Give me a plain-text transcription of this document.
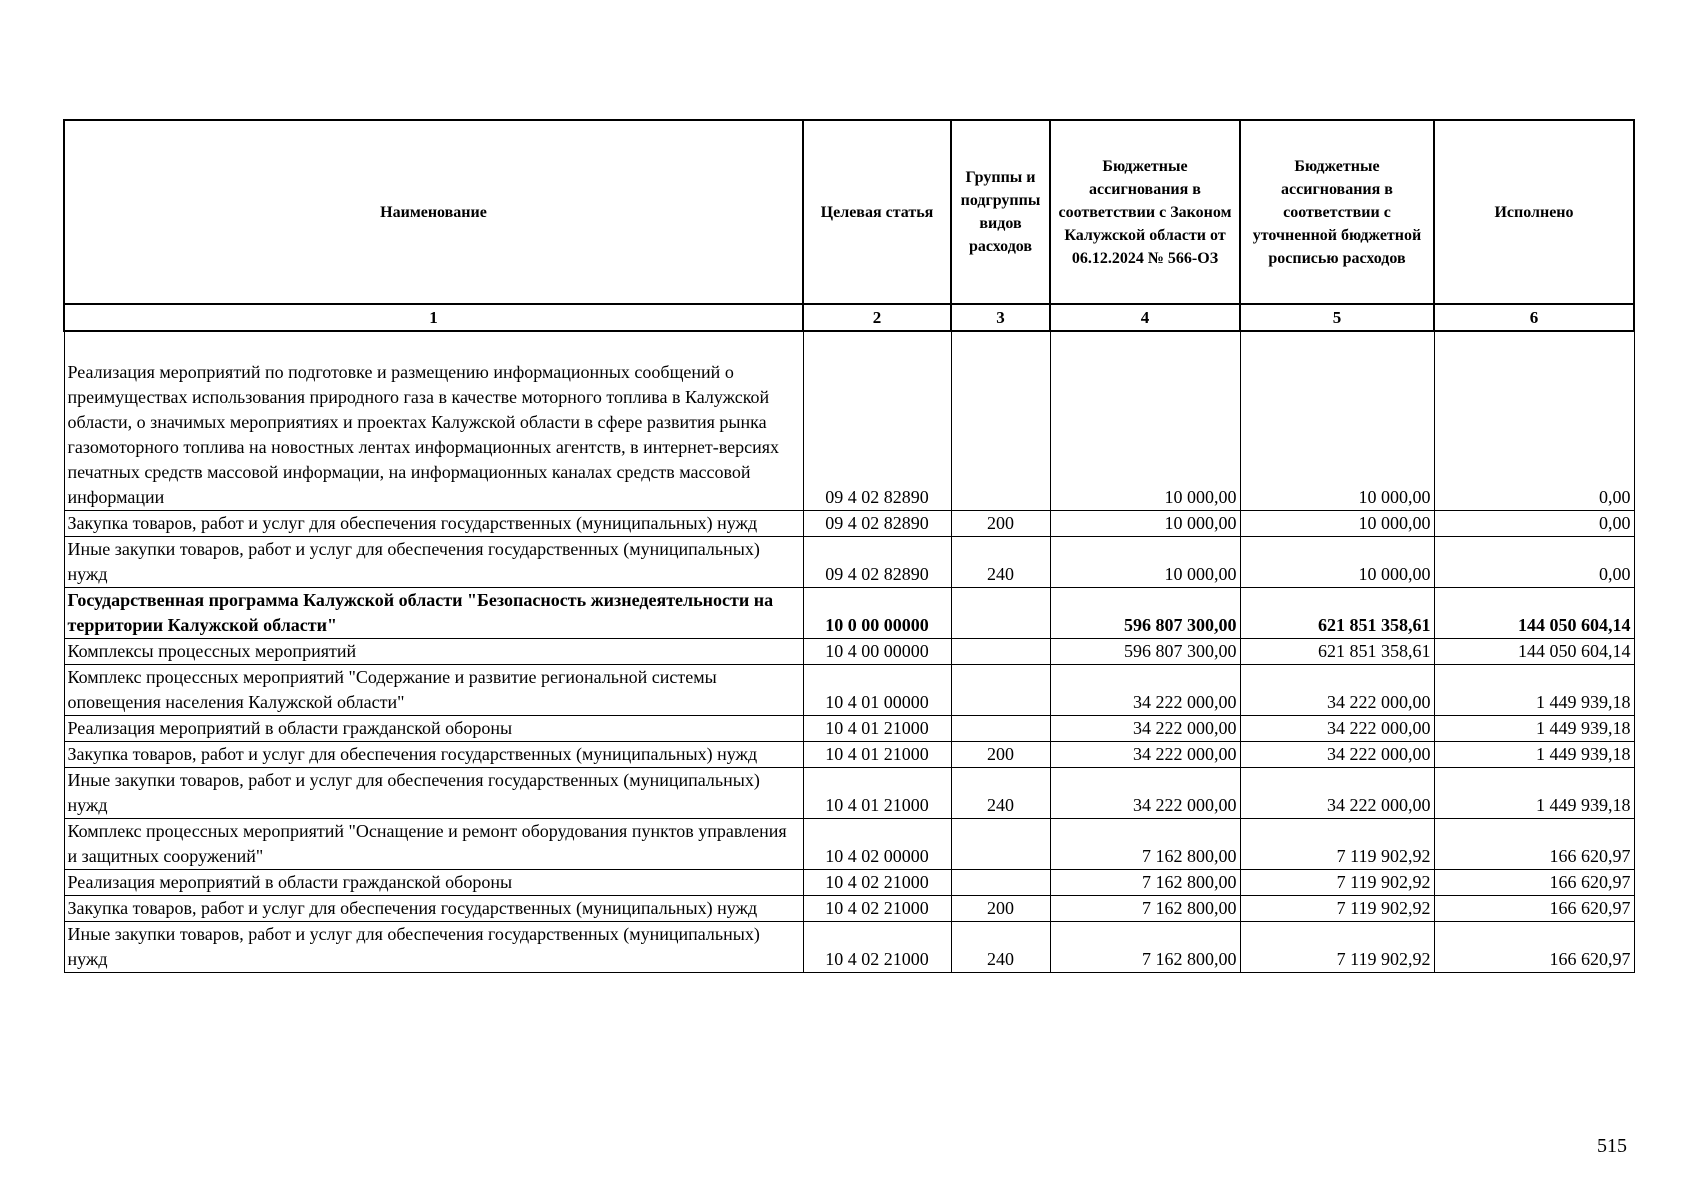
Наименование	Целевая статья	Группы и подгруппы видов расходов	Бюджетные ассигнования в соответствии с Законом Калужской области от 06.12.2024 № 566-ОЗ	Бюджетные ассигнования в соответствии с уточненной бюджетной росписью расходов	Исполнено
1	2	3	4	5	6
Реализация мероприятий по подготовке и размещению информационных сообщений о преимуществах использования природного газа в качестве моторного топлива в Калужской области, о значимых мероприятиях и проектах Калужской области в сфере развития рынка газомоторного топлива на новостных лентах информационных агентств, в интернет-версиях печатных средств массовой информации, на информационных каналах средств массовой информации	09 4 02 82890		10 000,00	10 000,00	0,00
Закупка товаров, работ и услуг для обеспечения государственных (муниципальных) нужд	09 4 02 82890	200	10 000,00	10 000,00	0,00
Иные закупки товаров, работ и услуг для обеспечения государственных (муниципальных) нужд	09 4 02 82890	240	10 000,00	10 000,00	0,00
Государственная программа Калужской области "Безопасность жизнедеятельности на территории Калужской области"	10 0 00 00000		596 807 300,00	621 851 358,61	144 050 604,14
Комплексы процессных мероприятий	10 4 00 00000		596 807 300,00	621 851 358,61	144 050 604,14
Комплекс процессных мероприятий "Содержание и развитие региональной системы оповещения населения Калужской области"	10 4 01 00000		34 222 000,00	34 222 000,00	1 449 939,18
Реализация мероприятий в области гражданской обороны	10 4 01 21000		34 222 000,00	34 222 000,00	1 449 939,18
Закупка товаров, работ и услуг для обеспечения государственных (муниципальных) нужд	10 4 01 21000	200	34 222 000,00	34 222 000,00	1 449 939,18
Иные закупки товаров, работ и услуг для обеспечения государственных (муниципальных) нужд	10 4 01 21000	240	34 222 000,00	34 222 000,00	1 449 939,18
Комплекс процессных мероприятий "Оснащение и ремонт оборудования пунктов управления и защитных сооружений"	10 4 02 00000		7 162 800,00	7 119 902,92	166 620,97
Реализация мероприятий в области гражданской обороны	10 4 02 21000		7 162 800,00	7 119 902,92	166 620,97
Закупка товаров, работ и услуг для обеспечения государственных (муниципальных) нужд	10 4 02 21000	200	7 162 800,00	7 119 902,92	166 620,97
Иные закупки товаров, работ и услуг для обеспечения государственных (муниципальных) нужд	10 4 02 21000	240	7 162 800,00	7 119 902,92	166 620,97
515
